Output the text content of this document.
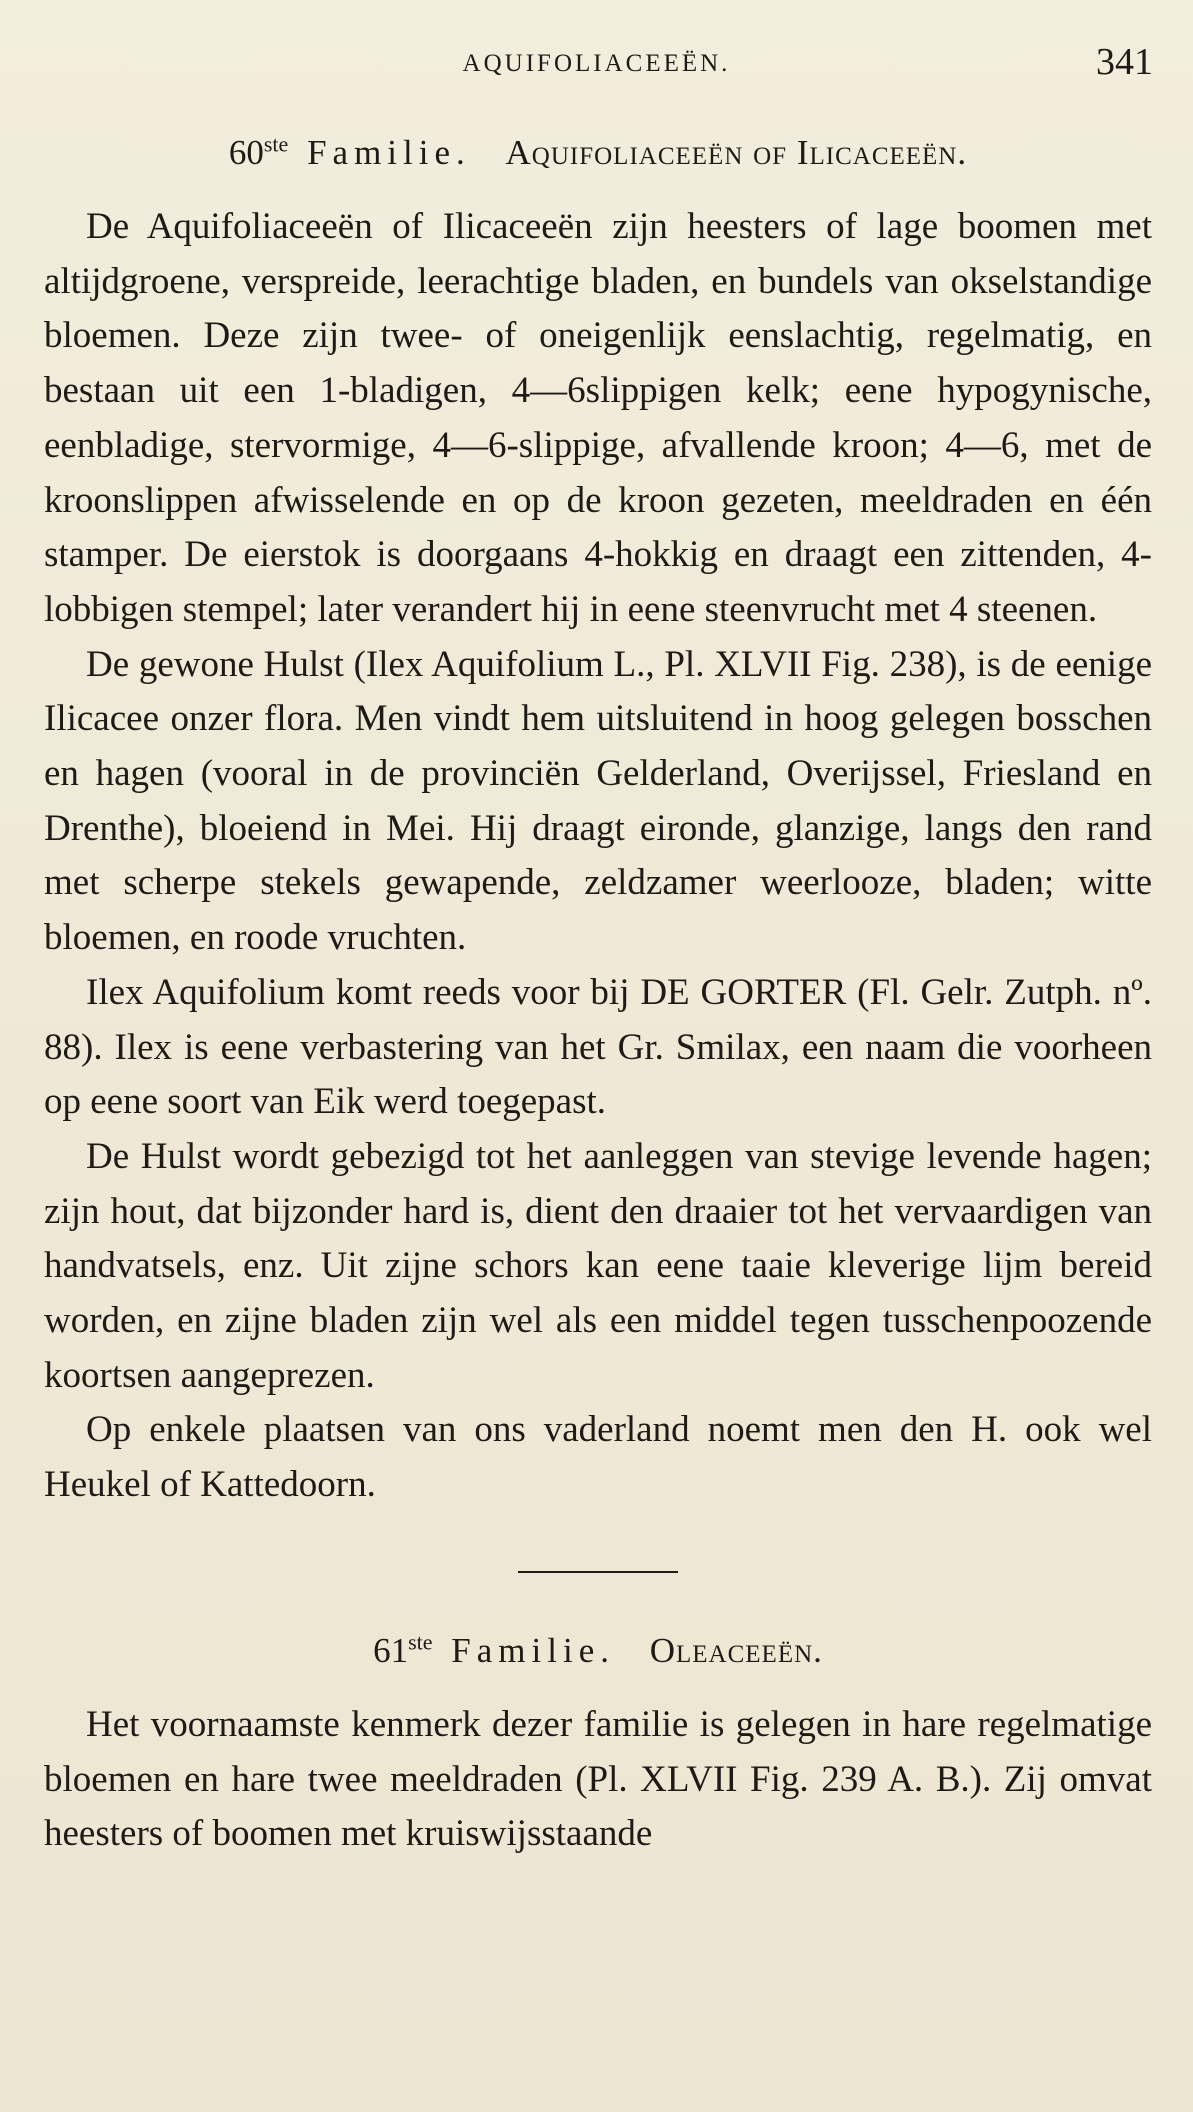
AQUIFOLIACEEËN.	341
60ste Familie. Aquifoliaceeën of Ilicaceeën.

De Aquifoliaceeën of Ilicaceeën zijn heesters of lage boomen met altijdgroene, verspreide, leerachtige bladen, en bundels van okselstandige bloemen. Deze zijn twee- of oneigenlijk eenslachtig, regelmatig, en bestaan uit een 1-bladigen, 4—6slippigen kelk; eene hypogynische, eenbladige, stervormige, 4—6-slippige, afvallende kroon; 4—6, met de kroonslippen afwisselende en op de kroon gezeten, meeldraden en één stamper. De eierstok is doorgaans 4-hokkig en draagt een zittenden, 4-lobbigen stempel; later verandert hij in eene steenvrucht met 4 steenen.

De gewone Hulst (Ilex Aquifolium L., Pl. XLVII Fig. 238), is de eenige Ilicacee onzer flora. Men vindt hem uitsluitend in hoog gelegen bosschen en hagen (vooral in de provinciën Gelderland, Overijssel, Friesland en Drenthe), bloeiend in Mei. Hij draagt eironde, glanzige, langs den rand met scherpe stekels gewapende, zeldzamer weerlooze, bladen; witte bloemen, en roode vruchten.

Ilex Aquifolium komt reeds voor bij DE GORTER (Fl. Gelr. Zutph. nº. 88). Ilex is eene verbastering van het Gr. Smilax, een naam die voorheen op eene soort van Eik werd toegepast.

De Hulst wordt gebezigd tot het aanleggen van stevige levende hagen; zijn hout, dat bijzonder hard is, dient den draaier tot het vervaardigen van handvatsels, enz. Uit zijne schors kan eene taaie kleverige lijm bereid worden, en zijne bladen zijn wel als een middel tegen tusschenpoozende koortsen aangeprezen.

Op enkele plaatsen van ons vaderland noemt men den H. ook wel Heukel of Kattedoorn.

61ste Familie. Oleaceeën.

Het voornaamste kenmerk dezer familie is gelegen in hare regelmatige bloemen en hare twee meeldraden (Pl. XLVII Fig. 239 A. B.). Zij omvat heesters of boomen met kruiswijsstaande
